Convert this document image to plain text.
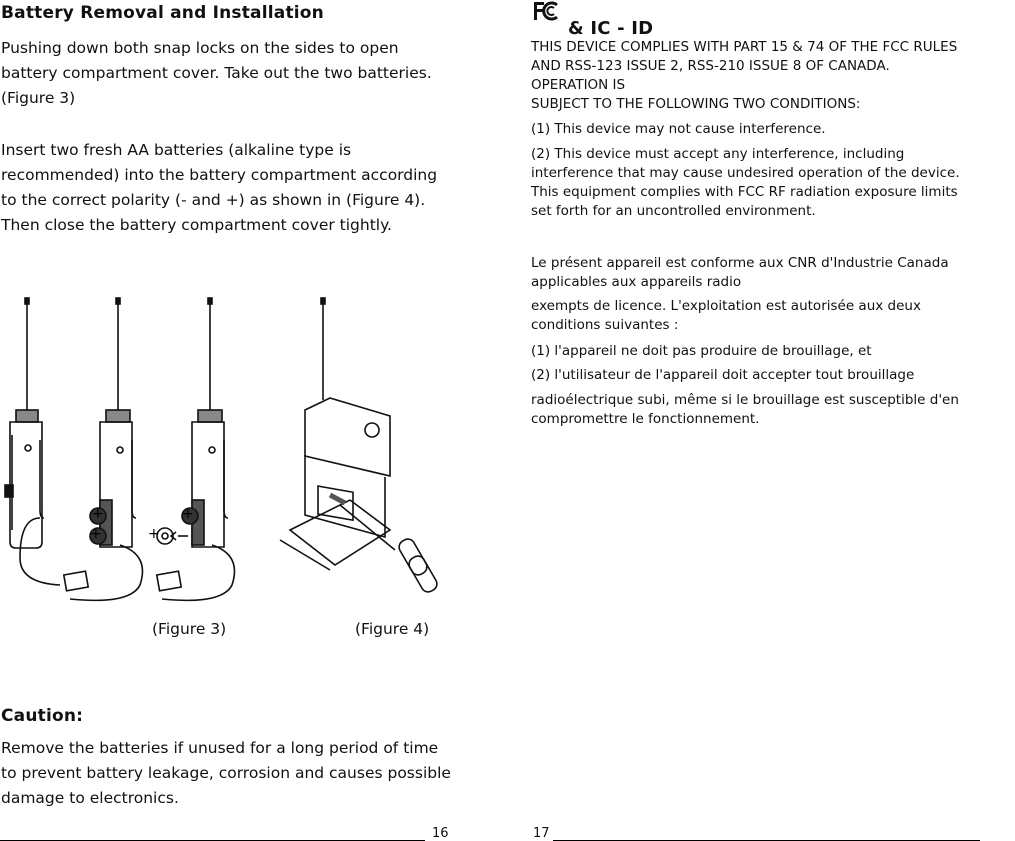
Battery Removal and Installation
Pushing down both snap locks on the sides to open battery compartment cover. Take out the two batteries. (Figure 3)
Insert two fresh AA batteries (alkaline type is recommended) into the battery compartment according to the correct polarity (- and +) as shown in (Figure 4). Then close the battery compartment cover tightly.
+
+
+
+
(Figure 3)	(Figure 4)
Caution:
Remove the batteries if unused for a long period of time to prevent battery leakage, corrosion and causes possible damage to electronics.
16
& IC - ID
THIS DEVICE COMPLIES WITH PART 15 & 74 OF THE FCC RULES
AND RSS-123 ISSUE 2, RSS-210 ISSUE 8 OF CANADA.
OPERATION IS
SUBJECT TO THE FOLLOWING TWO CONDITIONS:
(1) This device may not cause interference.
(2) This device must accept any interference, including interference that may cause undesired operation of the device. This equipment complies with FCC RF radiation exposure limits set forth for an uncontrolled environment.
Le présent appareil est conforme aux CNR d'Industrie Canada applicables aux appareils radio
exempts de licence. L'exploitation est autorisée aux deux conditions suivantes :
(1) l'appareil ne doit pas produire de brouillage, et
(2) l'utilisateur de l'appareil doit accepter tout brouillage
radioélectrique subi, même si le brouillage est susceptible d'en compromettre le fonctionnement.
17
